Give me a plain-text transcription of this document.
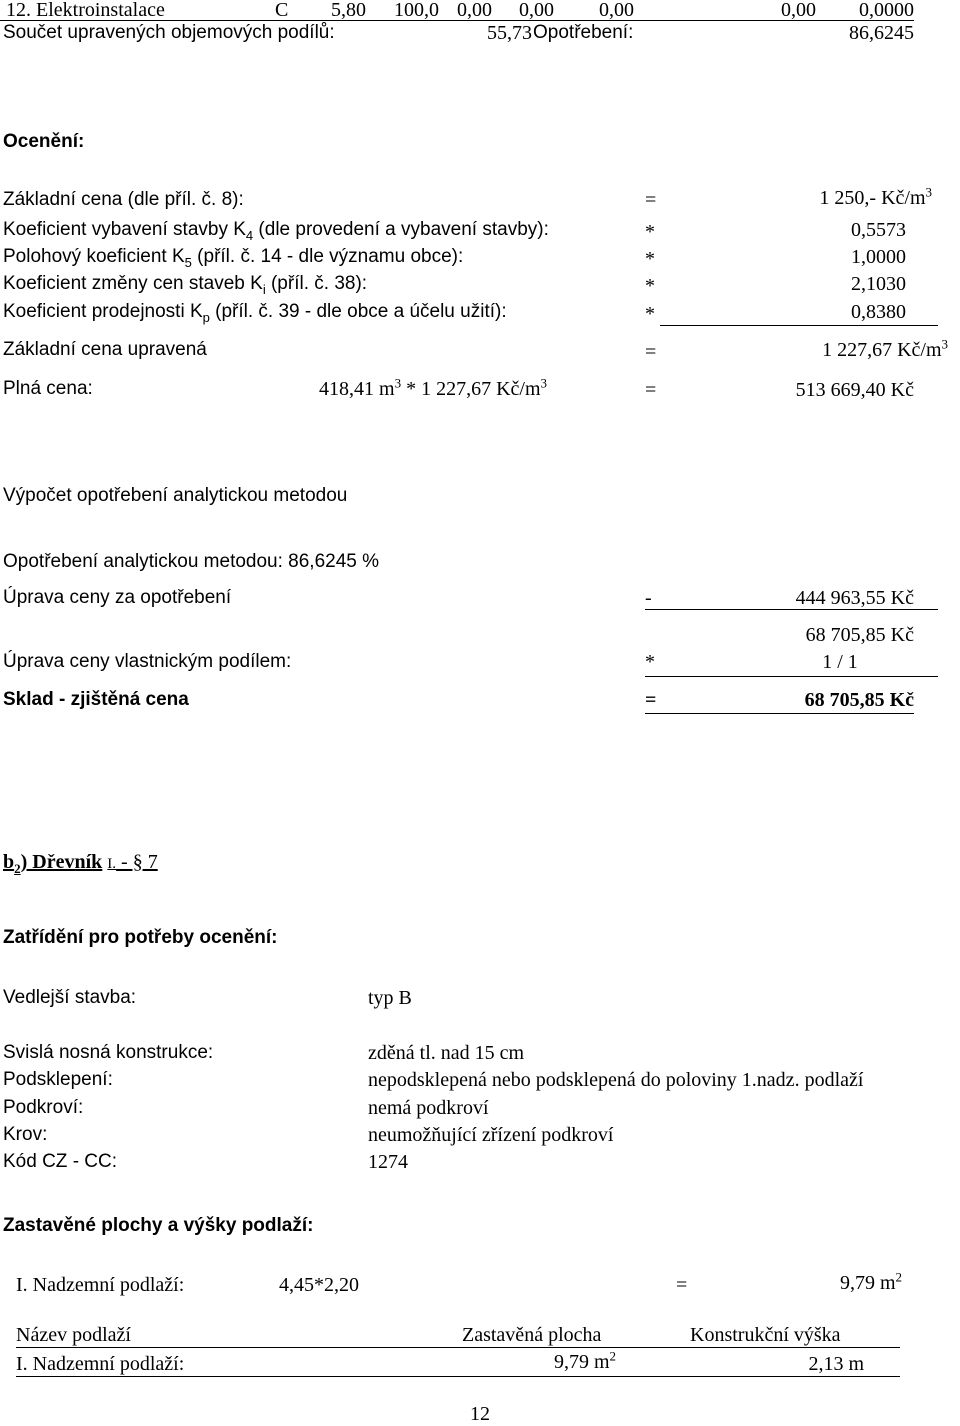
12. Elektroinstalace	C 5,80	100,0 0,00	0,00	0,00	0,00	0,0000
Součet upravených objemových podílů:	55,73 Opotřebení:	86,6245
Ocenění:
Základní cena (dle příl. č. 8):	=	1 250,- $Kč/m^3$
Koeficient vybavení stavby $K_4$ (dle provedení a vybavení stavby):	*	0,5573
Polohový koeficient $K_5$ (příl. č. 14 - dle významu obce):	*	1,0000
Koeficient změny cen staveb $K_i$ (příl. č. 38):	*	2,1030
Koeficient prodejnosti $K_p$ (příl. č. 39 - dle obce a účelu užití):	*	0,8380
Základní cena upravená	=	1 227,67 $Kč/m^3$
Plná cena:	418,41 $m^3 * 1$ 227,67 $Kč/m^3$	=	513 669,40 Kč
Výpočet opotřebení analytickou metodou
Opotřebení analytickou metodou: 86,6245 %
Úprava ceny za opotřebení	-	444 963,55 Kč
68 705,85 Kč
Úprava ceny vlastnickým podílem:	*	1 / 1
Sklad - zjištěná cena	=	68 705,85 Kč
$b_2$) Dřevník I. - § 7
Zatřídění pro potřeby ocenění:
Vedlejší stavba:	typ B
Svislá nosná konstrukce:	zděná tl. nad 15 cm
Podsklepení:	nepodsklepená nebo podsklepená do poloviny 1.nadz. podlaží
Podkroví:	nemá podkroví
Krov:	neumožňující zřízení podkroví
Kód CZ - CC:	1274
Zastavěné plochy a výšky podlaží:
I. Nadzemní podlaží:	4,45*2,20	=	9,79 $m^2$
Název podlaží	Zastavěná plocha	Konstrukční výška
I. Nadzemní podlaží:	9,79 $m^2$	2,13 m
12
